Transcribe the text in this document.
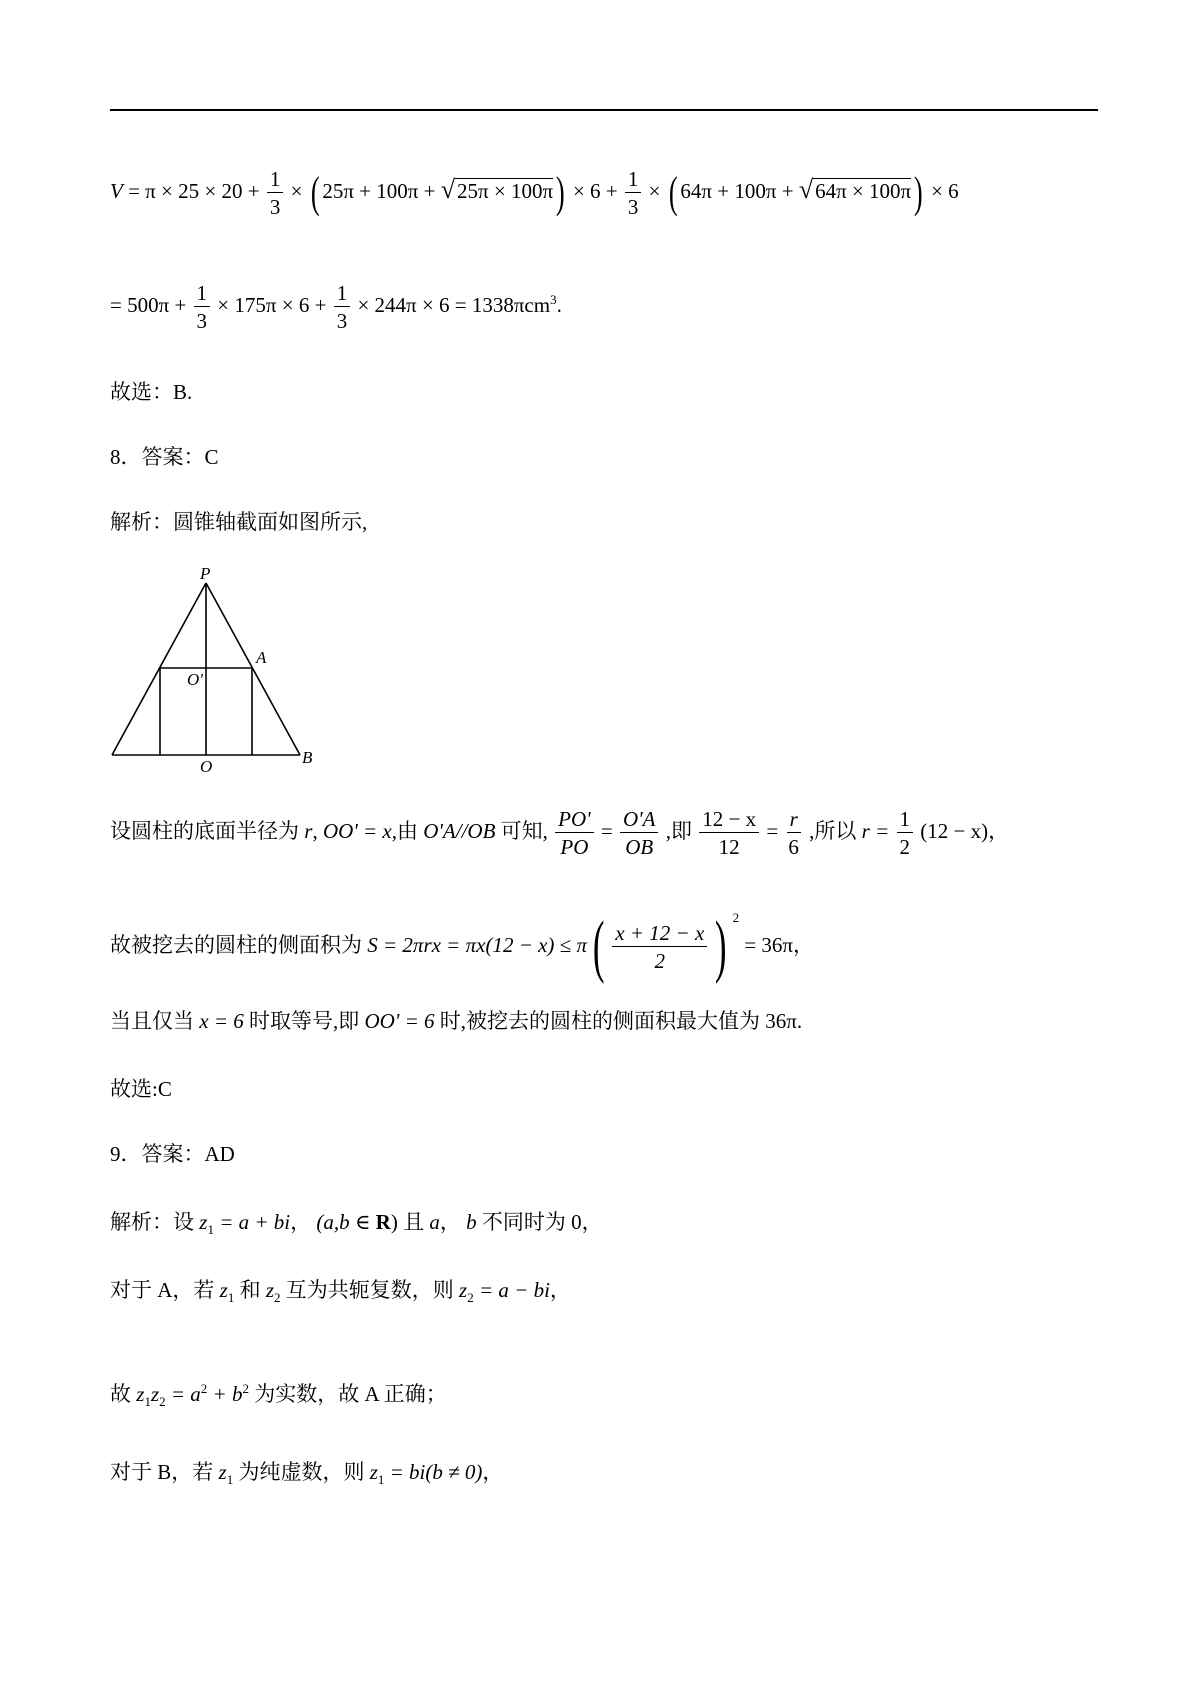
$V = \pi \times 25 \times 20 + \frac{1}{3}$ × ( $25\pi + 100\pi + √25\pi \times 100\pi) \times 6 + \frac{1}{3}$ × ( 64π + 100π + √64π × 100π) × 6
= $500\pi + \frac{1}{3} \times 175\pi \times 6 + \frac{1}{3} \times 244\pi \times 6 = 1338\pi cm^3$.
故选：B.
8．答案：C
解析：圆锥轴截面如图所示,
P
A
O'
O	B
设圆柱的底面半径为 r, OO' = x,由 O'A//OB 可知, $\frac{PO'}{PO} = \frac{O'A}{OB}$ ,即 $\frac{12 - x}{12} = \frac{r}{6}$ ,所以 $r = \frac{1}{2} (12 - x)$，
故被挖去的圆柱的侧面积为 $S = 2\pi rx = \pi x(12 - x) \le \pi( \frac{x + 12 - x}{2}$ ) $^2$ = 36π，
当且仅当 x = 6 时取等号,即 OO' = 6 时,被挖去的圆柱的侧面积最大值为 36π.
故选:C
9．答案：AD
解析：设 $z_1 = a$ + bi， (a,b ∈ R) 且 a， b 不同时为 0，
对于 A，若 $z_1$ 和 $z_2$ 互为共轭复数，则 $z_2 = a$ − bi，
故 $z_1z_2 = a^2 + b^2$ 为实数，故 A 正确；
对于 B，若 $z_1$ 为纯虚数，则 $z_1 = bi(b \ne 0)$，
